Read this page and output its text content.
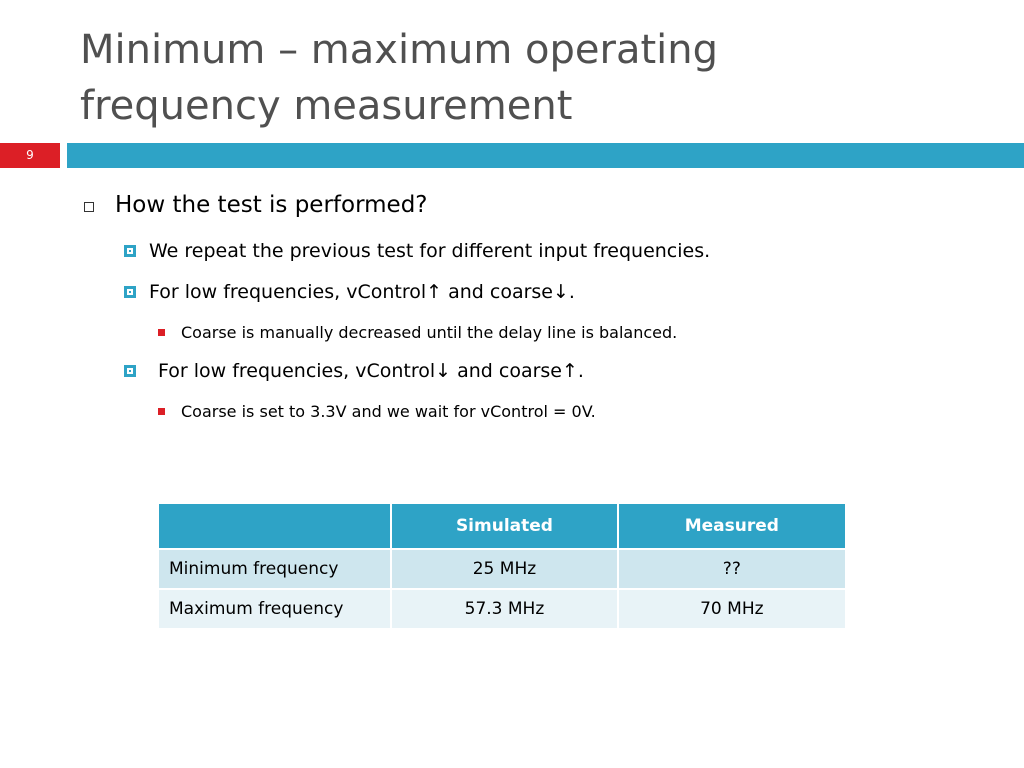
Minimum – maximum operating
frequency measurement
9
How the test is performed?
We repeat the previous test for different input frequencies.
For low frequencies, vControl↑ and coarse↓.
Coarse is manually decreased until the delay line is balanced.
For low frequencies, vControl↓ and coarse↑.
Coarse is set to 3.3V and we wait for vControl = 0V.
	Simulated	Measured
Minimum frequency	25 MHz	??
Maximum frequency	57.3 MHz	70 MHz
